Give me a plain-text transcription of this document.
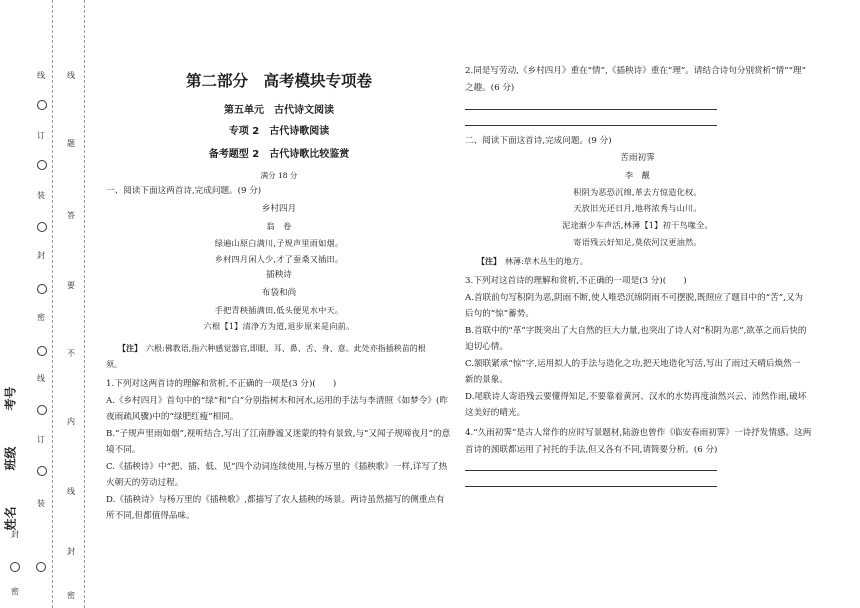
密
封
姓名
班级
考号
线
订
装
封
密
线
订
装
线
题
答
要
不
内
线
封
密
第二部分　高考模块专项卷
第五单元　古代诗文阅读
专项 2　古代诗歌阅读
备考题型 2　古代诗歌比较鉴赏
满分 18 分
一、阅读下面这两首诗,完成问题。(9 分)
乡村四月
翁　卷
绿遍山原白满川,子规声里雨如烟。
乡村四月闲人少,才了蚕桑又插田。
插秧诗
布袋和尚
手把青秧插满田,低头便见水中天。
六根【1】清净方为道,退步原来是向前。
【注】　 六根:佛教语,指六种感觉器官,即眼、耳、鼻、舌、身、意。此处亦指插秧苗的根
须。
1.下列对这两首诗的理解和赏析,不正确的一项是(3 分)(　　)
A.《乡村四月》首句中的“绿”和“白”分别指树木和河水,运用的手法与李清照《如梦令》(昨
夜雨疏风骤)中的“绿肥红瘦”相同。
B.“子规声里雨如烟”,视听结合,写出了江南静谧又迷蒙的特有景致,与“又闻子规啼夜月”的意
境不同。
C.《插秧诗》中“把、插、低、见”四个动词连续使用,与杨万里的《插秧歌》一样,详写了热
火朝天的劳动过程。
D.《插秧诗》与杨万里的《插秧歌》,都描写了农人插秧的场景。两诗虽然描写的侧重点有
所不同,但都值得品味。
2.同是写劳动,《乡村四月》重在“情”,《插秧诗》重在“理”。请结合诗句分别赏析“情”“理”
之趣。(6 分)
二、阅读下面这首诗,完成问题。(9 分)
苦雨初霁
李　觏
积阴为恶恐沉绵,革去方惊造化权。
天放旧光还日月,地将浓秀与山川。
泥途渐少车声活,林薄【1】初干鸟喙全。
寄语残云好知足,莫依河汉更油然。
【注】　 林薄:草木丛生的地方。
3.下列对这首诗的理解和赏析,不正确的一项是(3 分)(　　)
A.首联前句写积阴为恶,阴雨不断,使人唯恐沉绵阴雨不可摆脱,既照应了题目中的“苦”,又为
后句的“惊”蓄势。
B.首联中的“革”字既突出了大自然的巨大力量,也突出了诗人对“积阴为恶”,欲革之而后快的
迫切心情。
C.颔联紧承“惊”字,运用拟人的手法与造化之功,把天地造化写活,写出了雨过天晴后焕然一
新的景象。
D.尾联诗人寄语残云要懂得知足,不要靠着黄河、汉水的水势再度油然兴云、沛然作雨,破坏
这美好的晴光。
4.“久雨初霁”是古人常作的应时写景题材,陆游也曾作《临安春雨初霁》一诗抒发情感。这两
首诗的颈联都运用了衬托的手法,但又各有不同,请简要分析。(6 分)
